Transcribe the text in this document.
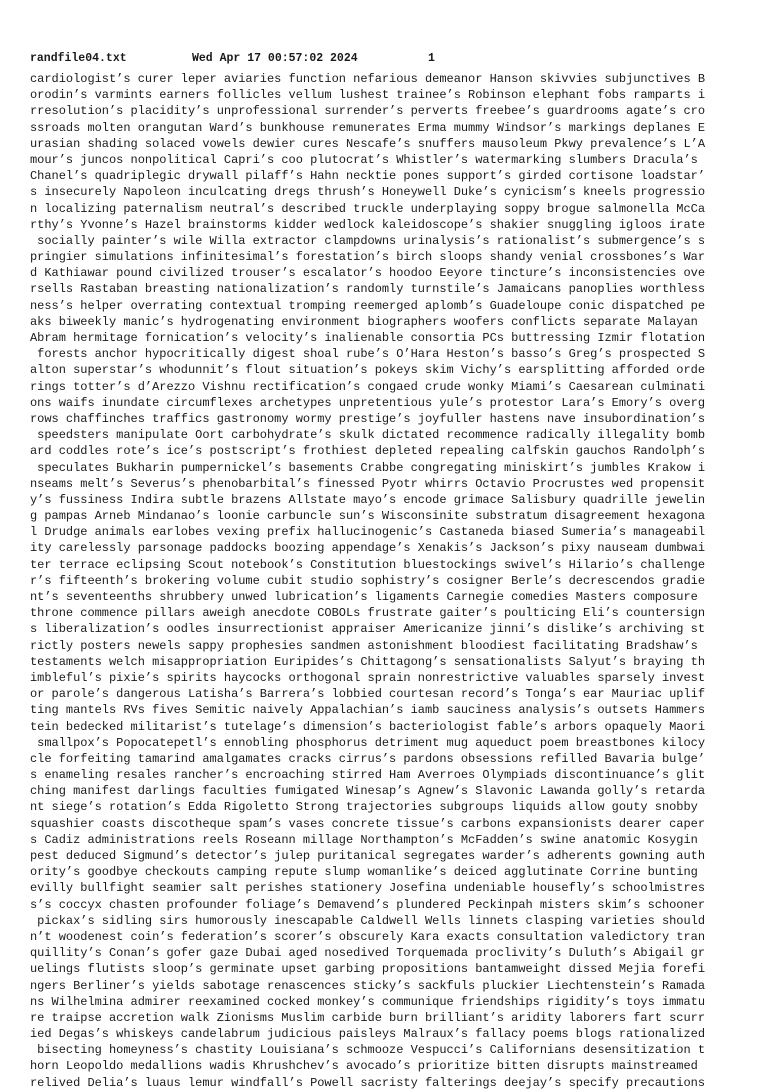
randfile04.txt

	Wed Apr 17 00:57:02 2024

	1

cardiologist’s curer leper aviaries function nefarious demeanor Hanson skivvies subjunctives B
orodin’s varmints earners follicles vellum lushest trainee’s Robinson elephant fobs ramparts i
rresolution’s placidity’s unprofessional surrender’s perverts freebee’s guardrooms agate’s cro
ssroads molten orangutan Ward’s bunkhouse remunerates Erma mummy Windsor’s markings deplanes E
urasian shading solaced vowels dewier cures Nescafe’s snuffers mausoleum Pkwy prevalence’s L’A
mour’s juncos nonpolitical Capri’s coo plutocrat’s Whistler’s watermarking slumbers Dracula’s
Chanel’s quadriplegic drywall pilaff’s Hahn necktie pones support’s girded cortisone loadstar’
s insecurely Napoleon inculcating dregs thrush’s Honeywell Duke’s cynicism’s kneels progressio
n localizing paternalism neutral’s described truckle underplaying soppy brogue salmonella McCa
rthy’s Yvonne’s Hazel brainstorms kidder wedlock kaleidoscope’s shakier snuggling igloos irate
socially painter’s wile Willa extractor clampdowns urinalysis’s rationalist’s submergence’s s
pringier simulations infinitesimal’s forestation’s birch sloops shandy venial crossbones’s War
d Kathiawar pound civilized trouser’s escalator’s hoodoo Eeyore tincture’s inconsistencies ove
rsells Rastaban breasting nationalization’s randomly turnstile’s Jamaicans panoplies worthless
ness’s helper overrating contextual tromping reemerged aplomb’s Guadeloupe conic dispatched pe
aks biweekly manic’s hydrogenating environment biographers woofers conflicts separate Malayan
Abram hermitage fornication’s velocity’s inalienable consortia PCs buttressing Izmir flotation
forests anchor hypocritically digest shoal rube’s O’Hara Heston’s basso’s Greg’s prospected S
alton superstar’s whodunnit’s flout situation’s pokeys skim Vichy’s earsplitting afforded orde
rings totter’s d’Arezzo Vishnu rectification’s congaed crude wonky Miami’s Caesarean culminati
ons waifs inundate circumflexes archetypes unpretentious yule’s protestor Lara’s Emory’s overg
rows chaffinches traffics gastronomy wormy prestige’s joyfuller hastens nave insubordination’s
speedsters manipulate Oort carbohydrate’s skulk dictated recommence radically illegality bomb
ard coddles rote’s ice’s postscript’s frothiest depleted repealing calfskin gauchos Randolph’s
speculates Bukharin pumpernickel’s basements Crabbe congregating miniskirt’s jumbles Krakow i
nseams melt’s Severus’s phenobarbital’s finessed Pyotr whirrs Octavio Procrustes wed propensit
y’s fussiness Indira subtle brazens Allstate mayo’s encode grimace Salisbury quadrille jewelin
g pampas Arneb Mindanao’s loonie carbuncle sun’s Wisconsinite substratum disagreement hexagona
l Drudge animals earlobes vexing prefix hallucinogenic’s Castaneda biased Sumeria’s manageabil
ity carelessly parsonage paddocks boozing appendage’s Xenakis’s Jackson’s pixy nauseam dumbwai
ter terrace eclipsing Scout notebook’s Constitution bluestockings swivel’s Hilario’s challenge
r’s fifteenth’s brokering volume cubit studio sophistry’s cosigner Berle’s decrescendos gradie
nt’s seventeenths shrubbery unwed lubrication’s ligaments Carnegie comedies Masters composure
throne commence pillars aweigh anecdote COBOLs frustrate gaiter’s poulticing Eli’s countersign
s liberalization’s oodles insurrectionist appraiser Americanize jinni’s dislike’s archiving st
rictly posters newels sappy prophesies sandmen astonishment bloodiest facilitating Bradshaw’s
testaments welch misappropriation Euripides’s Chittagong’s sensationalists Salyut’s braying th
imbleful’s pixie’s spirits haycocks orthogonal sprain nonrestrictive valuables sparsely invest
or parole’s dangerous Latisha’s Barrera’s lobbied courtesan record’s Tonga’s ear Mauriac uplif
ting mantels RVs fives Semitic naively Appalachian’s iamb sauciness analysis’s outsets Hammers
tein bedecked militarist’s tutelage’s dimension’s bacteriologist fable’s arbors opaquely Maori
smallpox’s Popocatepetl’s ennobling phosphorus detriment mug aqueduct poem breastbones kilocy
cle forfeiting tamarind amalgamates cracks cirrus’s pardons obsessions refilled Bavaria bulge’
s enameling resales rancher’s encroaching stirred Ham Averroes Olympiads discontinuance’s glit
ching manifest darlings faculties fumigated Winesap’s Agnew’s Slavonic Lawanda golly’s retarda
nt siege’s rotation’s Edda Rigoletto Strong trajectories subgroups liquids allow gouty snobby
squashier coasts discotheque spam’s vases concrete tissue’s carbons expansionists dearer caper
s Cadiz administrations reels Roseann millage Northampton’s McFadden’s swine anatomic Kosygin
pest deduced Sigmund’s detector’s julep puritanical segregates warder’s adherents gowning auth
ority’s goodbye checkouts camping repute slump womanlike’s deiced agglutinate Corrine bunting
evilly bullfight seamier salt perishes stationery Josefina undeniable housefly’s schoolmistres
s’s coccyx chasten profounder foliage’s Demavend’s plundered Peckinpah misters skim’s schooner
pickax’s sidling sirs humorously inescapable Caldwell Wells linnets clasping varieties should
n’t woodenest coin’s federation’s scorer’s obscurely Kara exacts consultation valedictory tran
quillity’s Conan’s gofer gaze Dubai aged nosedived Torquemada proclivity’s Duluth’s Abigail gr
uelings flutists sloop’s germinate upset garbing propositions bantamweight dissed Mejia forefi
ngers Berliner’s yields sabotage renascences sticky’s sackfuls pluckier Liechtenstein’s Ramada
ns Wilhelmina admirer reexamined cocked monkey’s communique friendships rigidity’s toys immatu
re traipse accretion walk Zionisms Muslim carbide burn brilliant’s aridity laborers fart scurr
ied Degas’s whiskeys candelabrum judicious paisleys Malraux’s fallacy poems blogs rationalized
bisecting homeyness’s chastity Louisiana’s schmooze Vespucci’s Californians desensitization t
horn Leopoldo medallions wadis Khrushchev’s avocado’s prioritize bitten disrupts mainstreamed
relived Delia’s luaus lemur windfall’s Powell sacristy falterings deejay’s specify precautions
